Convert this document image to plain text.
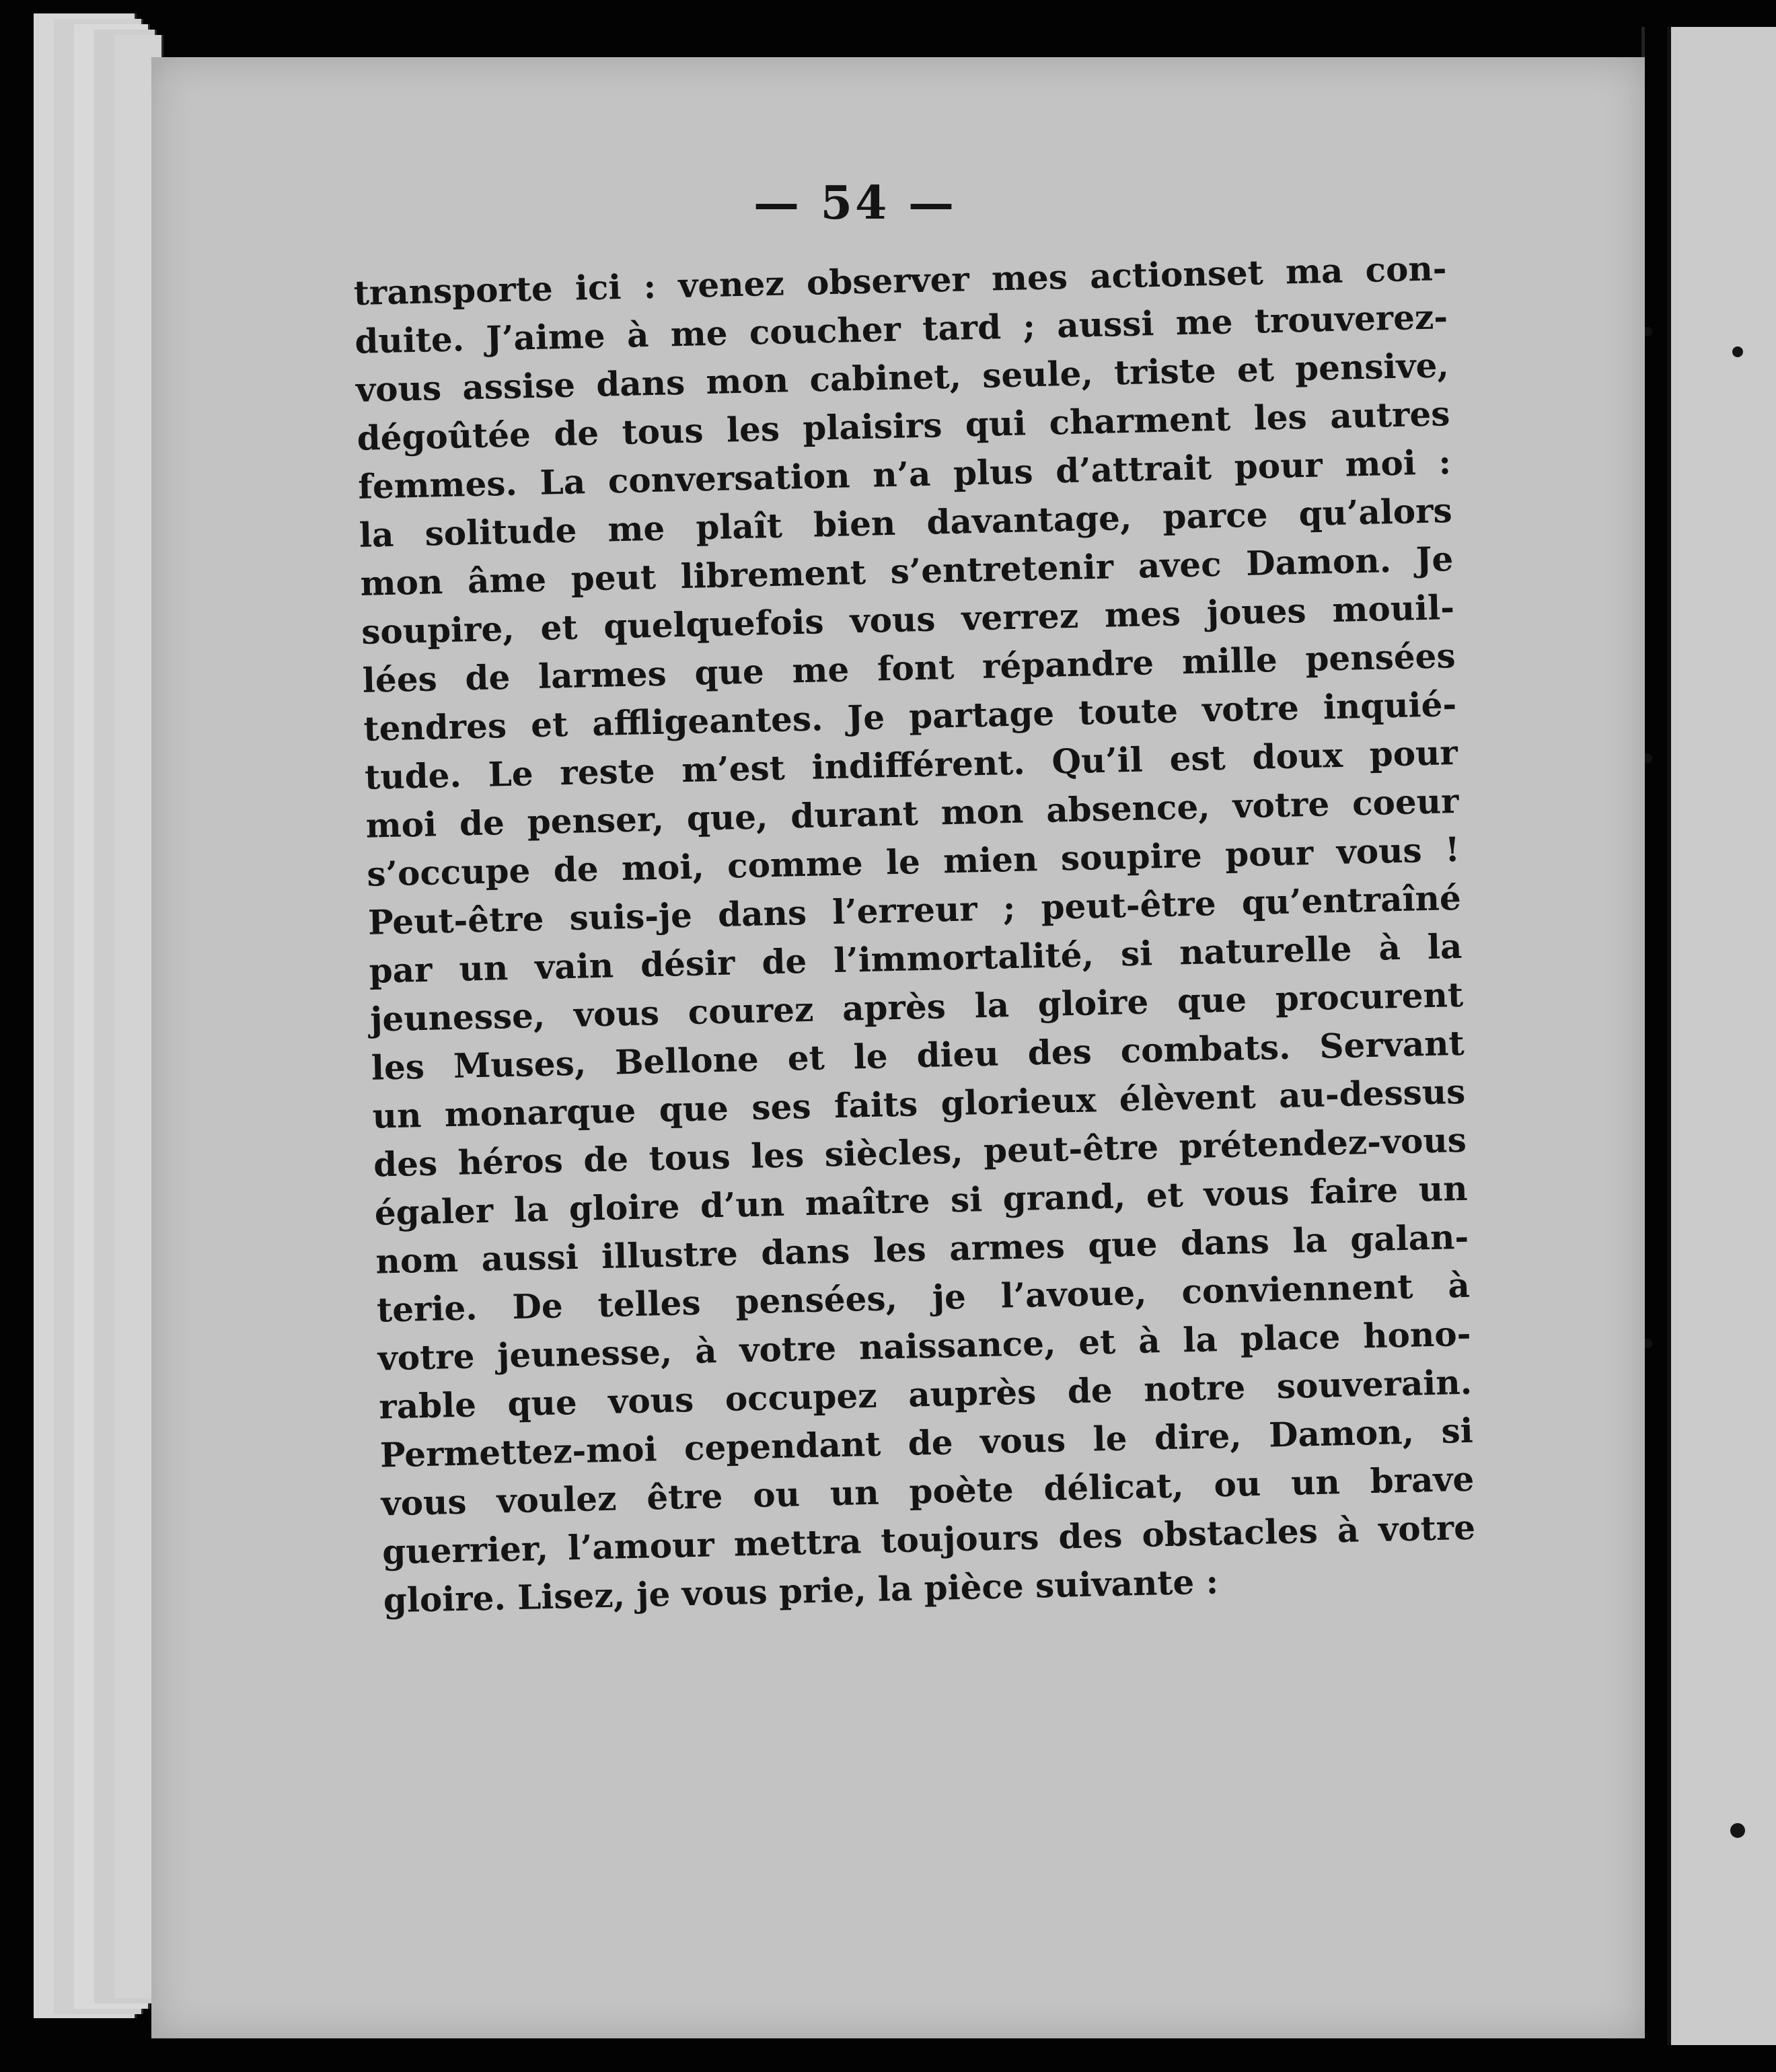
— 54 —
transporte ici : venez observer mes actionset ma con-
duite. J’aime à me coucher tard ; aussi me trouverez-
vous assise dans mon cabinet, seule, triste et pensive,
dégoûtée de tous les plaisirs qui charment les autres
femmes. La conversation n’a plus d’attrait pour moi :
la solitude me plaît bien davantage, parce qu’alors
mon âme peut librement s’entretenir avec Damon. Je
soupire, et quelquefois vous verrez mes joues mouil-
lées de larmes que me font répandre mille pensées
tendres et affligeantes. Je partage toute votre inquié-
tude. Le reste m’est indifférent. Qu’il est doux pour
moi de penser, que, durant mon absence, votre coeur
s’occupe de moi, comme le mien soupire pour vous !
Peut-être suis-je dans l’erreur ; peut-être qu’entraîné
par un vain désir de l’immortalité, si naturelle à la
jeunesse, vous courez après la gloire que procurent
les Muses, Bellone et le dieu des combats. Servant
un monarque que ses faits glorieux élèvent au-dessus
des héros de tous les siècles, peut-être prétendez-vous
égaler la gloire d’un maître si grand, et vous faire un
nom aussi illustre dans les armes que dans la galan-
terie. De telles pensées, je l’avoue, conviennent à
votre jeunesse, à votre naissance, et à la place hono-
rable que vous occupez auprès de notre souverain.
Permettez-moi cependant de vous le dire, Damon, si
vous voulez être ou un poète délicat, ou un brave
guerrier, l’amour mettra toujours des obstacles à votre
gloire. Lisez, je vous prie, la pièce suivante :
